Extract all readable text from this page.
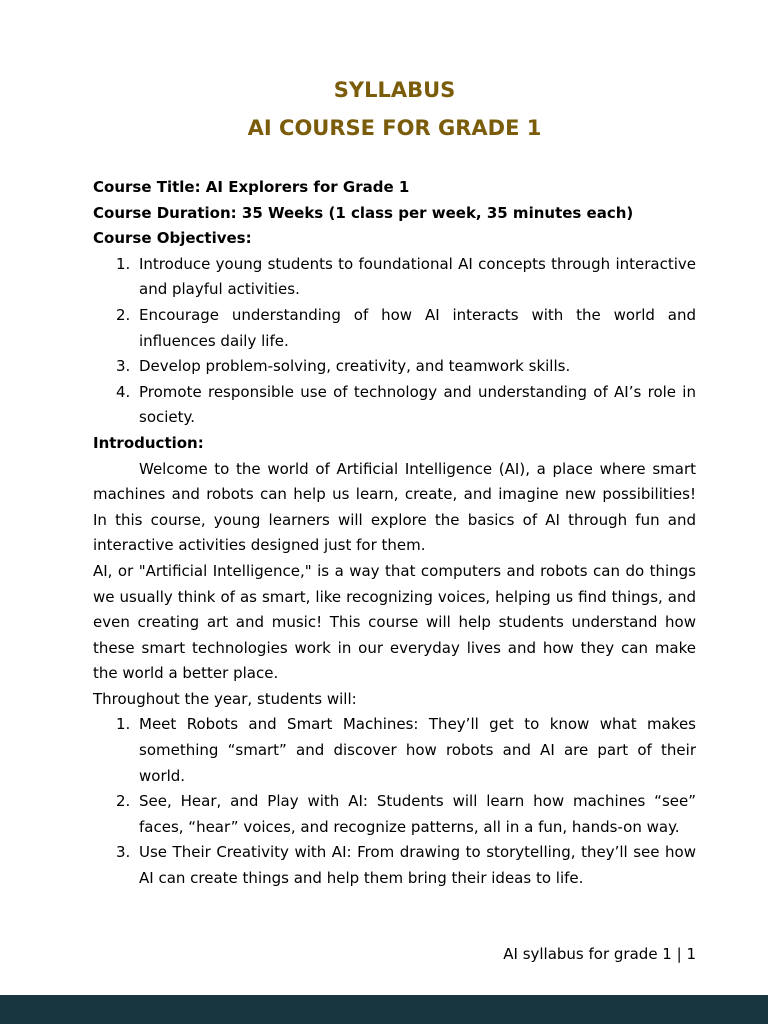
SYLLABUS
AI COURSE FOR GRADE 1

Course Title: AI Explorers for Grade 1

Course Duration: 35 Weeks (1 class per week, 35 minutes each)

Course Objectives:

1. Introduce young students to foundational AI concepts through interactive and playful activities.
2. Encourage understanding of how AI interacts with the world and influences daily life.
3. Develop problem-solving, creativity, and teamwork skills.
4. Promote responsible use of technology and understanding of AI’s role in society.

Introduction:

Welcome to the world of Artificial Intelligence (AI), a place where smart machines and robots can help us learn, create, and imagine new possibilities! In this course, young learners will explore the basics of AI through fun and interactive activities designed just for them.

AI, or "Artificial Intelligence," is a way that computers and robots can do things we usually think of as smart, like recognizing voices, helping us find things, and even creating art and music! This course will help students understand how these smart technologies work in our everyday lives and how they can make the world a better place.

Throughout the year, students will:

1. Meet Robots and Smart Machines: They’ll get to know what makes something “smart” and discover how robots and AI are part of their world.
2. See, Hear, and Play with AI: Students will learn how machines “see” faces, “hear” voices, and recognize patterns, all in a fun, hands-on way.
3. Use Their Creativity with AI: From drawing to storytelling, they’ll see how AI can create things and help them bring their ideas to life.
AI syllabus for grade 1 | 1
